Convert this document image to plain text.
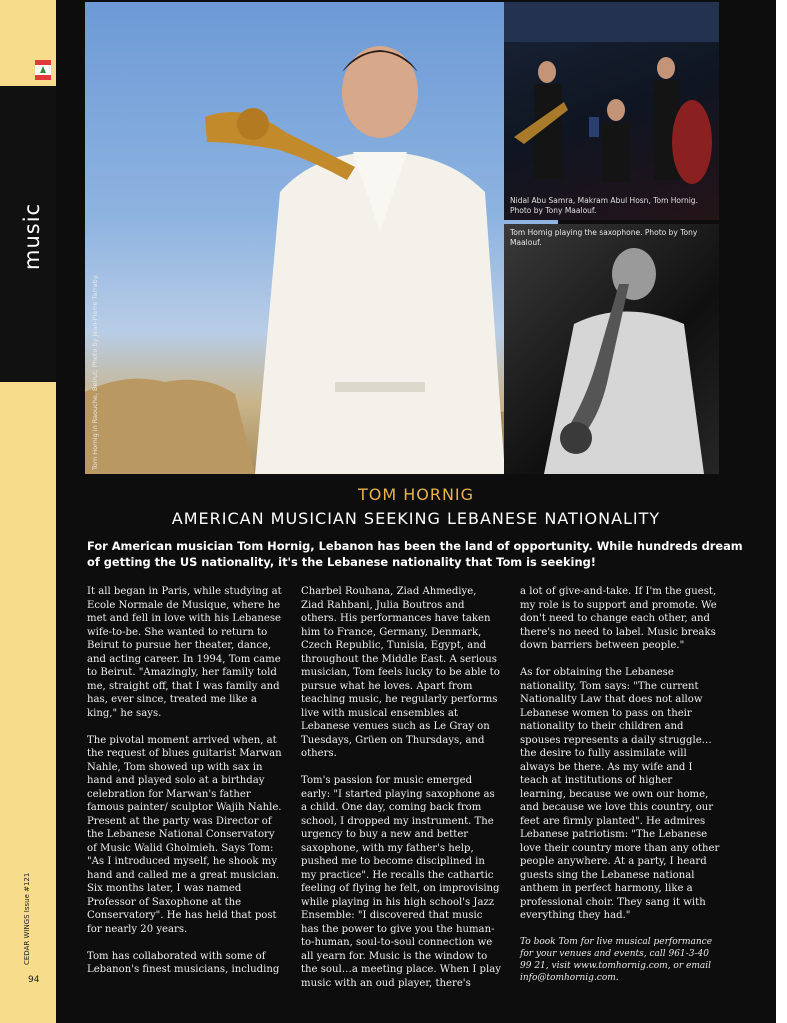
music
CEDAR WINGS Issue #121
94
Tom Hornig in Raouche, Beirut. Photo by Jean-Pierre Tarraby.
Nidal Abu Samra, Makram Abul Hosn, Tom Hornig. Photo by Tony Maalouf.
Tom Hornig playing the saxophone. Photo by Tony Maalouf.
TOM HORNIG
AMERICAN MUSICIAN SEEKING LEBANESE NATIONALITY
For American musician Tom Hornig, Lebanon has been the land of opportunity. While hundreds dream of getting the US nationality, it's the Lebanese nationality that Tom is seeking!

It all began in Paris, while studying at Ecole Normale de Musique, where he met and fell in love with his Lebanese wife-to-be. She wanted to return to Beirut to pursue her theater, dance, and acting career. In 1994, Tom came to Beirut. "Amazingly, her family told me, straight off, that I was family and has, ever since, treated me like a king," he says.

The pivotal moment arrived when, at the request of blues guitarist Marwan Nahle, Tom showed up with sax in hand and played solo at a birthday celebration for Marwan's father famous painter/ sculptor Wajih Nahle. Present at the party was Director of the Lebanese National Conservatory of Music Walid Gholmieh. Says Tom: "As I introduced myself, he shook my hand and called me a great musician. Six months later, I was named Professor of Saxophone at the Conservatory". He has held that post for nearly 20 years.

Tom has collaborated with some of Lebanon's finest musicians, including

Charbel Rouhana, Ziad Ahmediye, Ziad Rahbani, Julia Boutros and others. His performances have taken him to France, Germany, Denmark, Czech Republic, Tunisia, Egypt, and throughout the Middle East. A serious musician, Tom feels lucky to be able to pursue what he loves. Apart from teaching music, he regularly performs live with musical ensembles at Lebanese venues such as Le Gray on Tuesdays, Grüen on Thursdays, and others.

Tom's passion for music emerged early: "I started playing saxophone as a child. One day, coming back from school, I dropped my instrument. The urgency to buy a new and better saxophone, with my father's help, pushed me to become disciplined in my practice". He recalls the cathartic feeling of flying he felt, on improvising while playing in his high school's Jazz Ensemble: "I discovered that music has the power to give you the human-to-human, soul-to-soul connection we all yearn for. Music is the window to the soul…a meeting place. When I play music with an oud player, there's

a lot of give-and-take. If I'm the guest, my role is to support and promote. We don't need to change each other, and there's no need to label. Music breaks down barriers between people."

As for obtaining the Lebanese nationality, Tom says: "The current Nationality Law that does not allow Lebanese women to pass on their nationality to their children and spouses represents a daily struggle…the desire to fully assimilate will always be there. As my wife and I teach at institutions of higher learning, because we own our home, and because we love this country, our feet are firmly planted". He admires Lebanese patriotism: "The Lebanese love their country more than any other people anywhere. At a party, I heard guests sing the Lebanese national anthem in perfect harmony, like a professional choir. They sang it with everything they had."

To book Tom for live musical performance for your venues and events, call 961-3-40 99 21, visit www.tomhornig.com, or email info@tomhornig.com.
